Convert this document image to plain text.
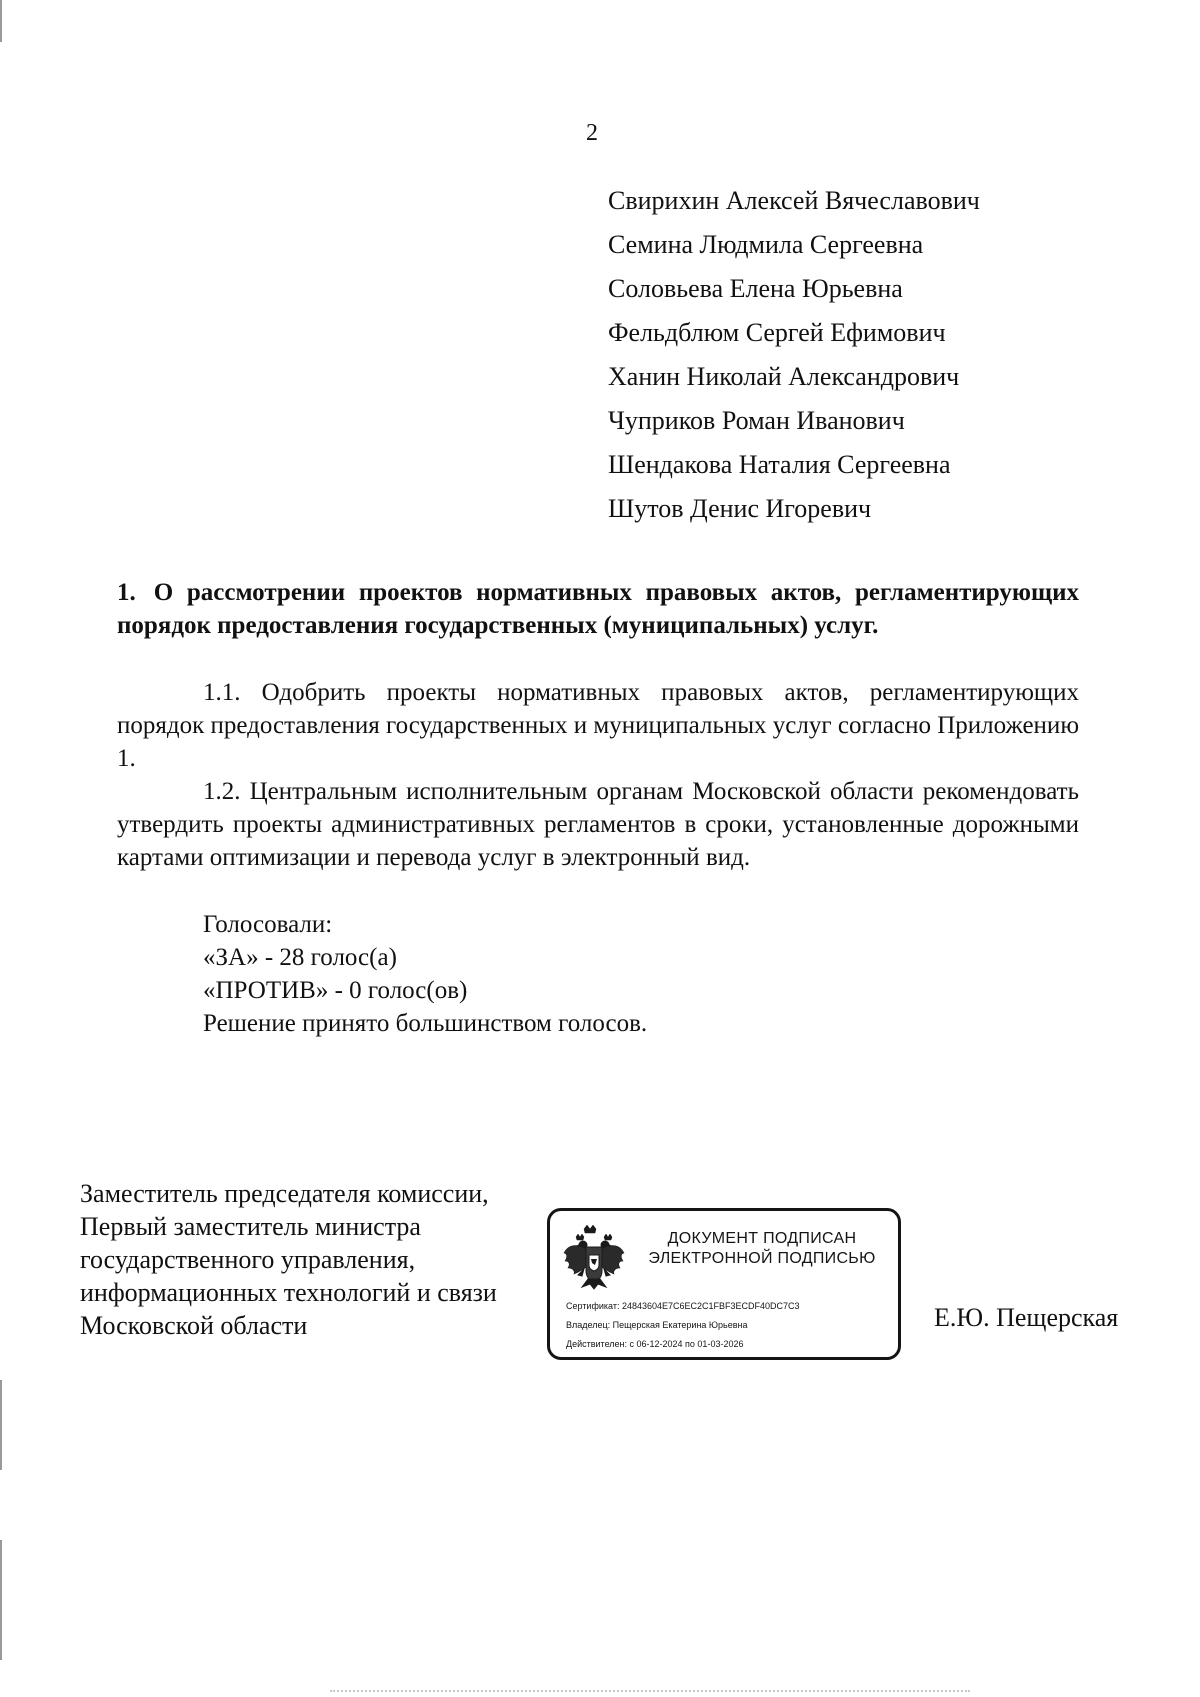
2
Свирихин Алексей Вячеславович
Семина Людмила Сергеевна
Соловьева Елена Юрьевна
Фельдблюм Сергей Ефимович
Ханин Николай Александрович
Чуприков Роман Иванович
Шендакова Наталия Сергеевна
Шутов Денис Игоревич

1. О рассмотрении проектов нормативных правовых актов, регламентирующих порядок предоставления государственных (муниципальных) услуг.

1.1. Одобрить проекты нормативных правовых актов, регламентирующих порядок предоставления государственных и муниципальных услуг согласно Приложению 1.

1.2. Центральным исполнительным органам Московской области рекомендовать утвердить проекты административных регламентов в сроки, установленные дорожными картами оптимизации и перевода услуг в электронный вид.

Голосовали:
«ЗА» - 28 голос(а)
«ПРОТИВ» - 0 голос(ов)
Решение принято большинством голосов.
Заместитель председателя комиссии,
Первый заместитель министра
государственного управления,
информационных технологий и связи
Московской области
ДОКУМЕНТ ПОДПИСАН
ЭЛЕКТРОННОЙ ПОДПИСЬЮ
Сертификат: 24843604E7C6EC2C1FBF3ECDF40DC7C3
Владелец: Пещерская Екатерина Юрьевна
Действителен: с 06-12-2024 по 01-03-2026
Е.Ю. Пещерская
